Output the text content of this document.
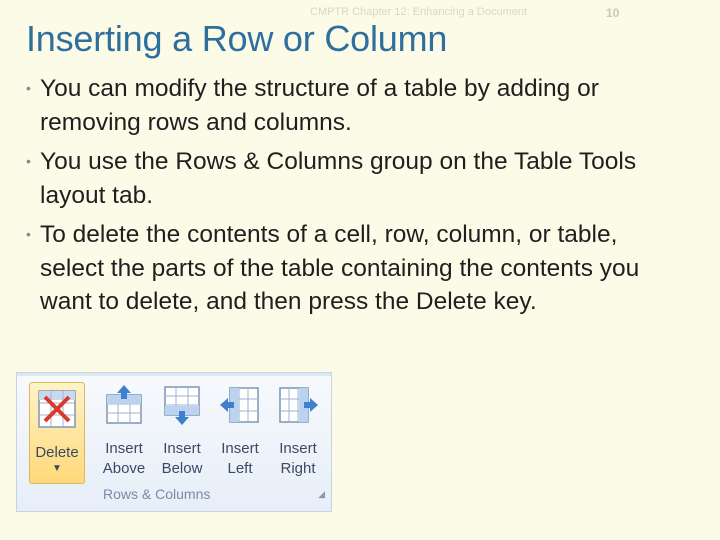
CMPTR Chapter 12: Enhancing a Document	10
Inserting a Row or Column
• You can modify the structure of a table by adding or removing rows and columns.
• You use the Rows & Columns group on the Table Tools layout tab.
• To delete the contents of a cell, row, column, or table, select the parts of the table containing the contents you want to delete, and then press the Delete key.
Delete
▼
Insert
Above
Insert
Below
Insert
Left
Insert
Right
Rows & Columns	◢
